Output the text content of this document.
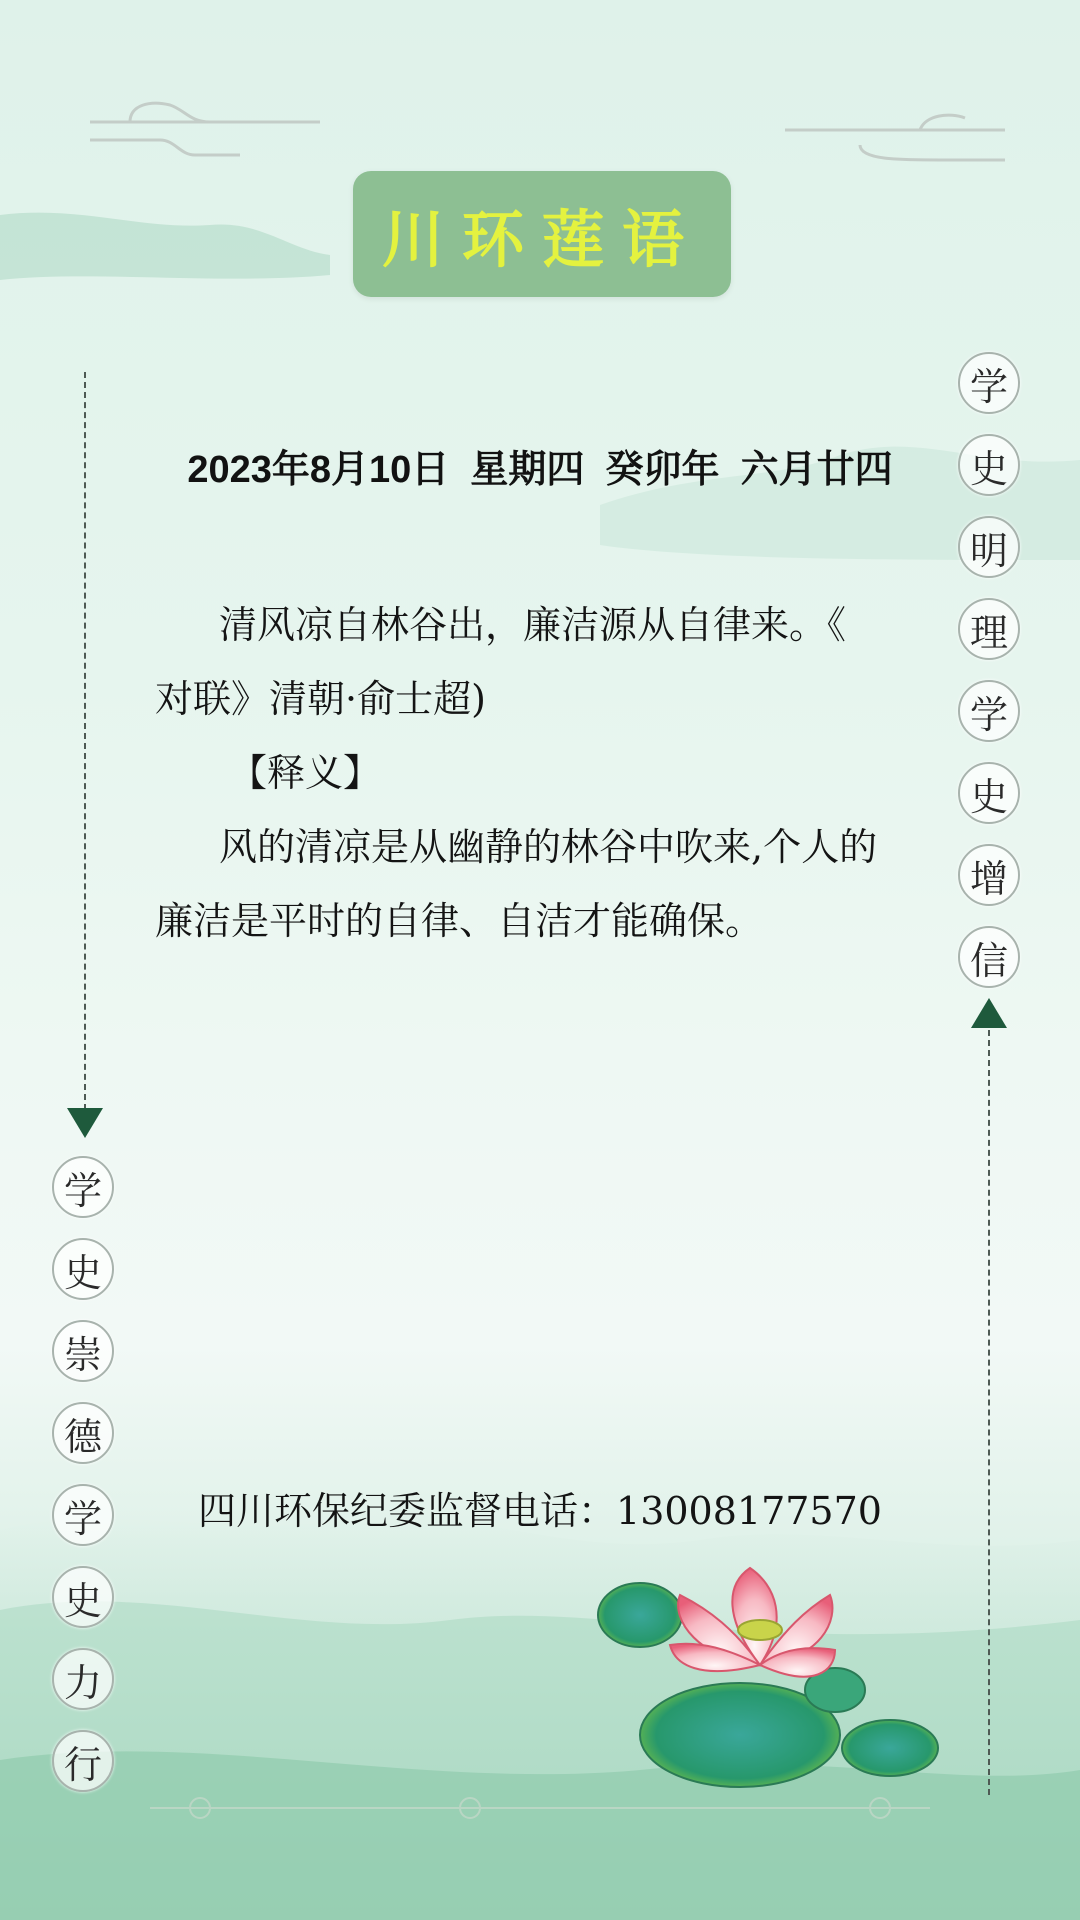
川环莲语
2023年8月10日  星期四  癸卯年  六月廿四

清风凉自林谷出，廉洁源从自律来。《

对联》清朝·俞士超)

【释义】

风的清凉是从幽静的林谷中吹来,个人的

廉洁是平时的自律、自洁才能确保。

四川环保纪委监督电话：13008177570
学
史
明
理
学
史
增
信
学
史
崇
德
学
史
力
行
